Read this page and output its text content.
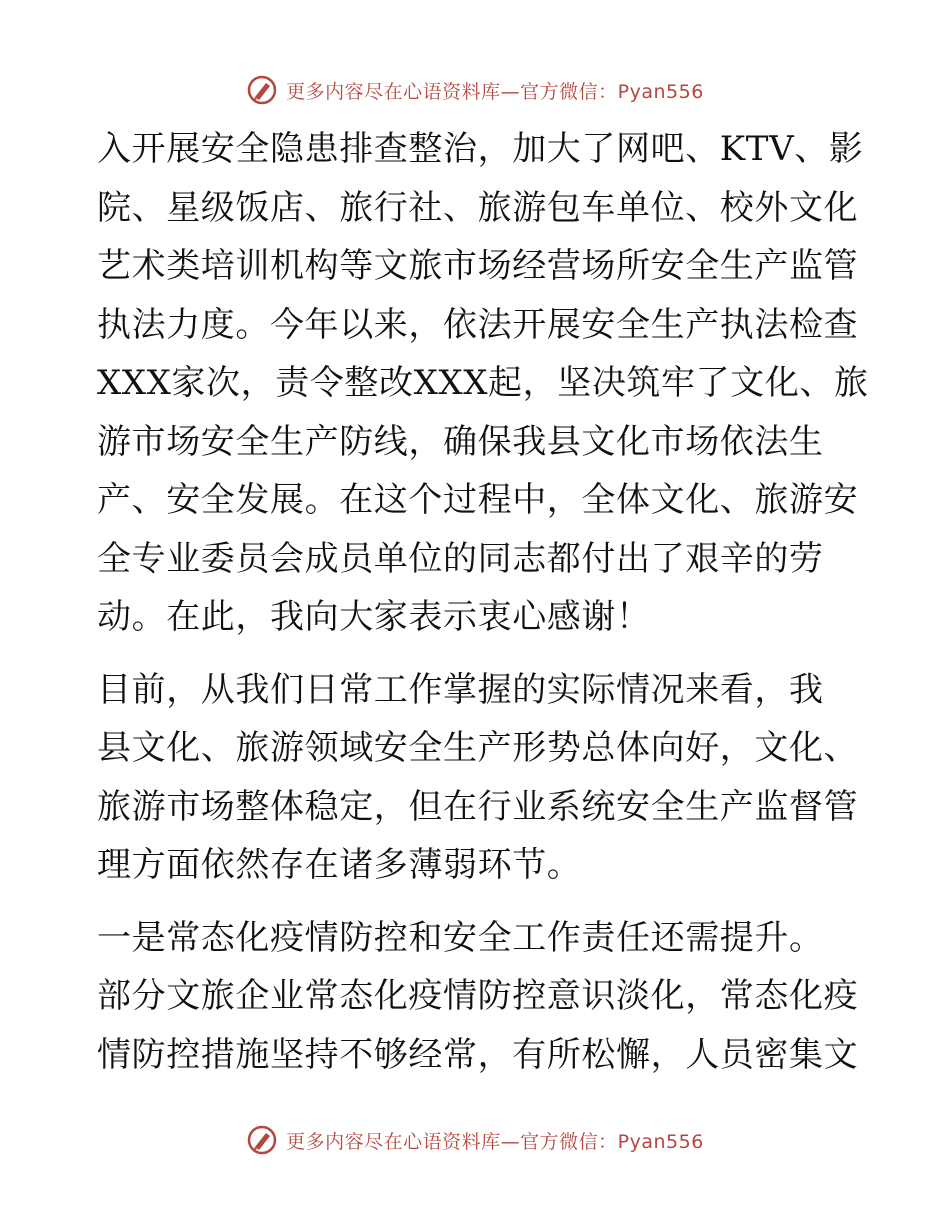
更多内容尽在心语资料库—官方微信：Pyan556

入开展安全隐患排查整治，加大了网吧、KTV、影
院、星级饭店、旅行社、旅游包车单位、校外文化
艺术类培训机构等文旅市场经营场所安全生产监管
执法力度。今年以来，依法开展安全生产执法检查
XXX家次，责令整改XXX起，坚决筑牢了文化、旅
游市场安全生产防线，确保我县文化市场依法生
产、安全发展。在这个过程中，全体文化、旅游安
全专业委员会成员单位的同志都付出了艰辛的劳
动。在此，我向大家表示衷心感谢！

目前，从我们日常工作掌握的实际情况来看，我
县文化、旅游领域安全生产形势总体向好，文化、
旅游市场整体稳定，但在行业系统安全生产监督管
理方面依然存在诸多薄弱环节。

一是常态化疫情防控和安全工作责任还需提升。
部分文旅企业常态化疫情防控意识淡化，常态化疫
情防控措施坚持不够经常，有所松懈，人员密集文

更多内容尽在心语资料库—官方微信：Pyan556
